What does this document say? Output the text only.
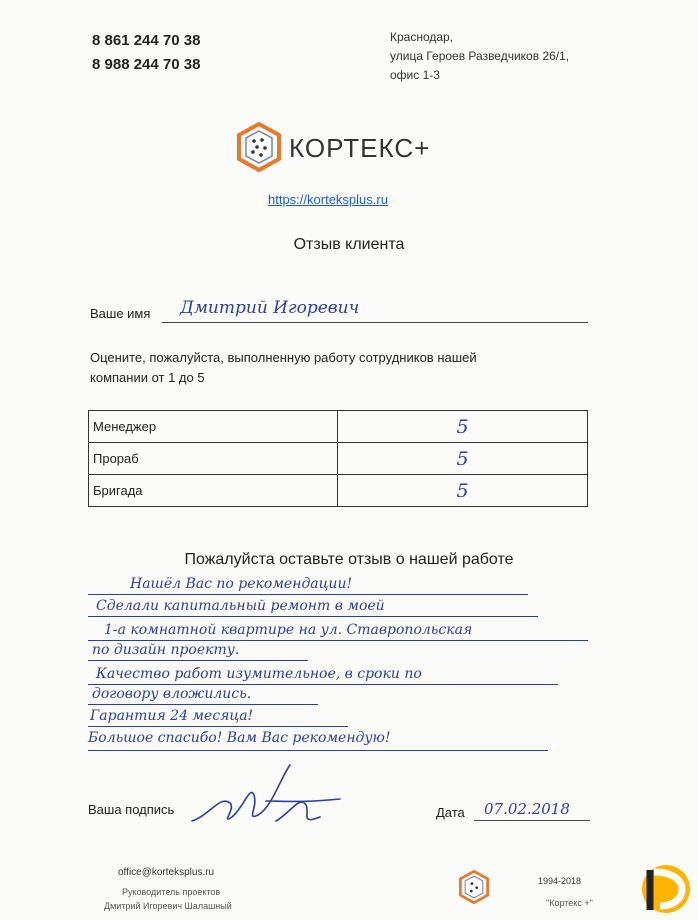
8 861 244 70 38
8 988 244 70 38
Краснодар,
улица Героев Разведчиков 26/1,
офис 1-3
КОРТЕКС+
https://korteksplus.ru
Отзыв клиента
Ваше имя Дмитрий Игоревич
Оцените, пожалуйста, выполненную работу сотрудников нашей
компании от 1 до 5
Менеджер	5
Прораб	5
Бригада	5
Пожалуйста оставьте отзыв о нашей работе
Нашёл Вас по рекомендации!
Сделали капитальный ремонт в моей
1-а комнатной квартире на ул. Ставропольская
по дизайн проекту.
Качество работ изумительное, в сроки по
договору вложились.
Гарантия 24 месяца!
Большое спасибо! Вам Вас рекомендую!
Ваша подпись	Дата 07.02.2018
office@korteksplus.ru
Руководитель проектов
Дмитрий Игоревич Шалашный
1994-2018
"Кортекс +"
